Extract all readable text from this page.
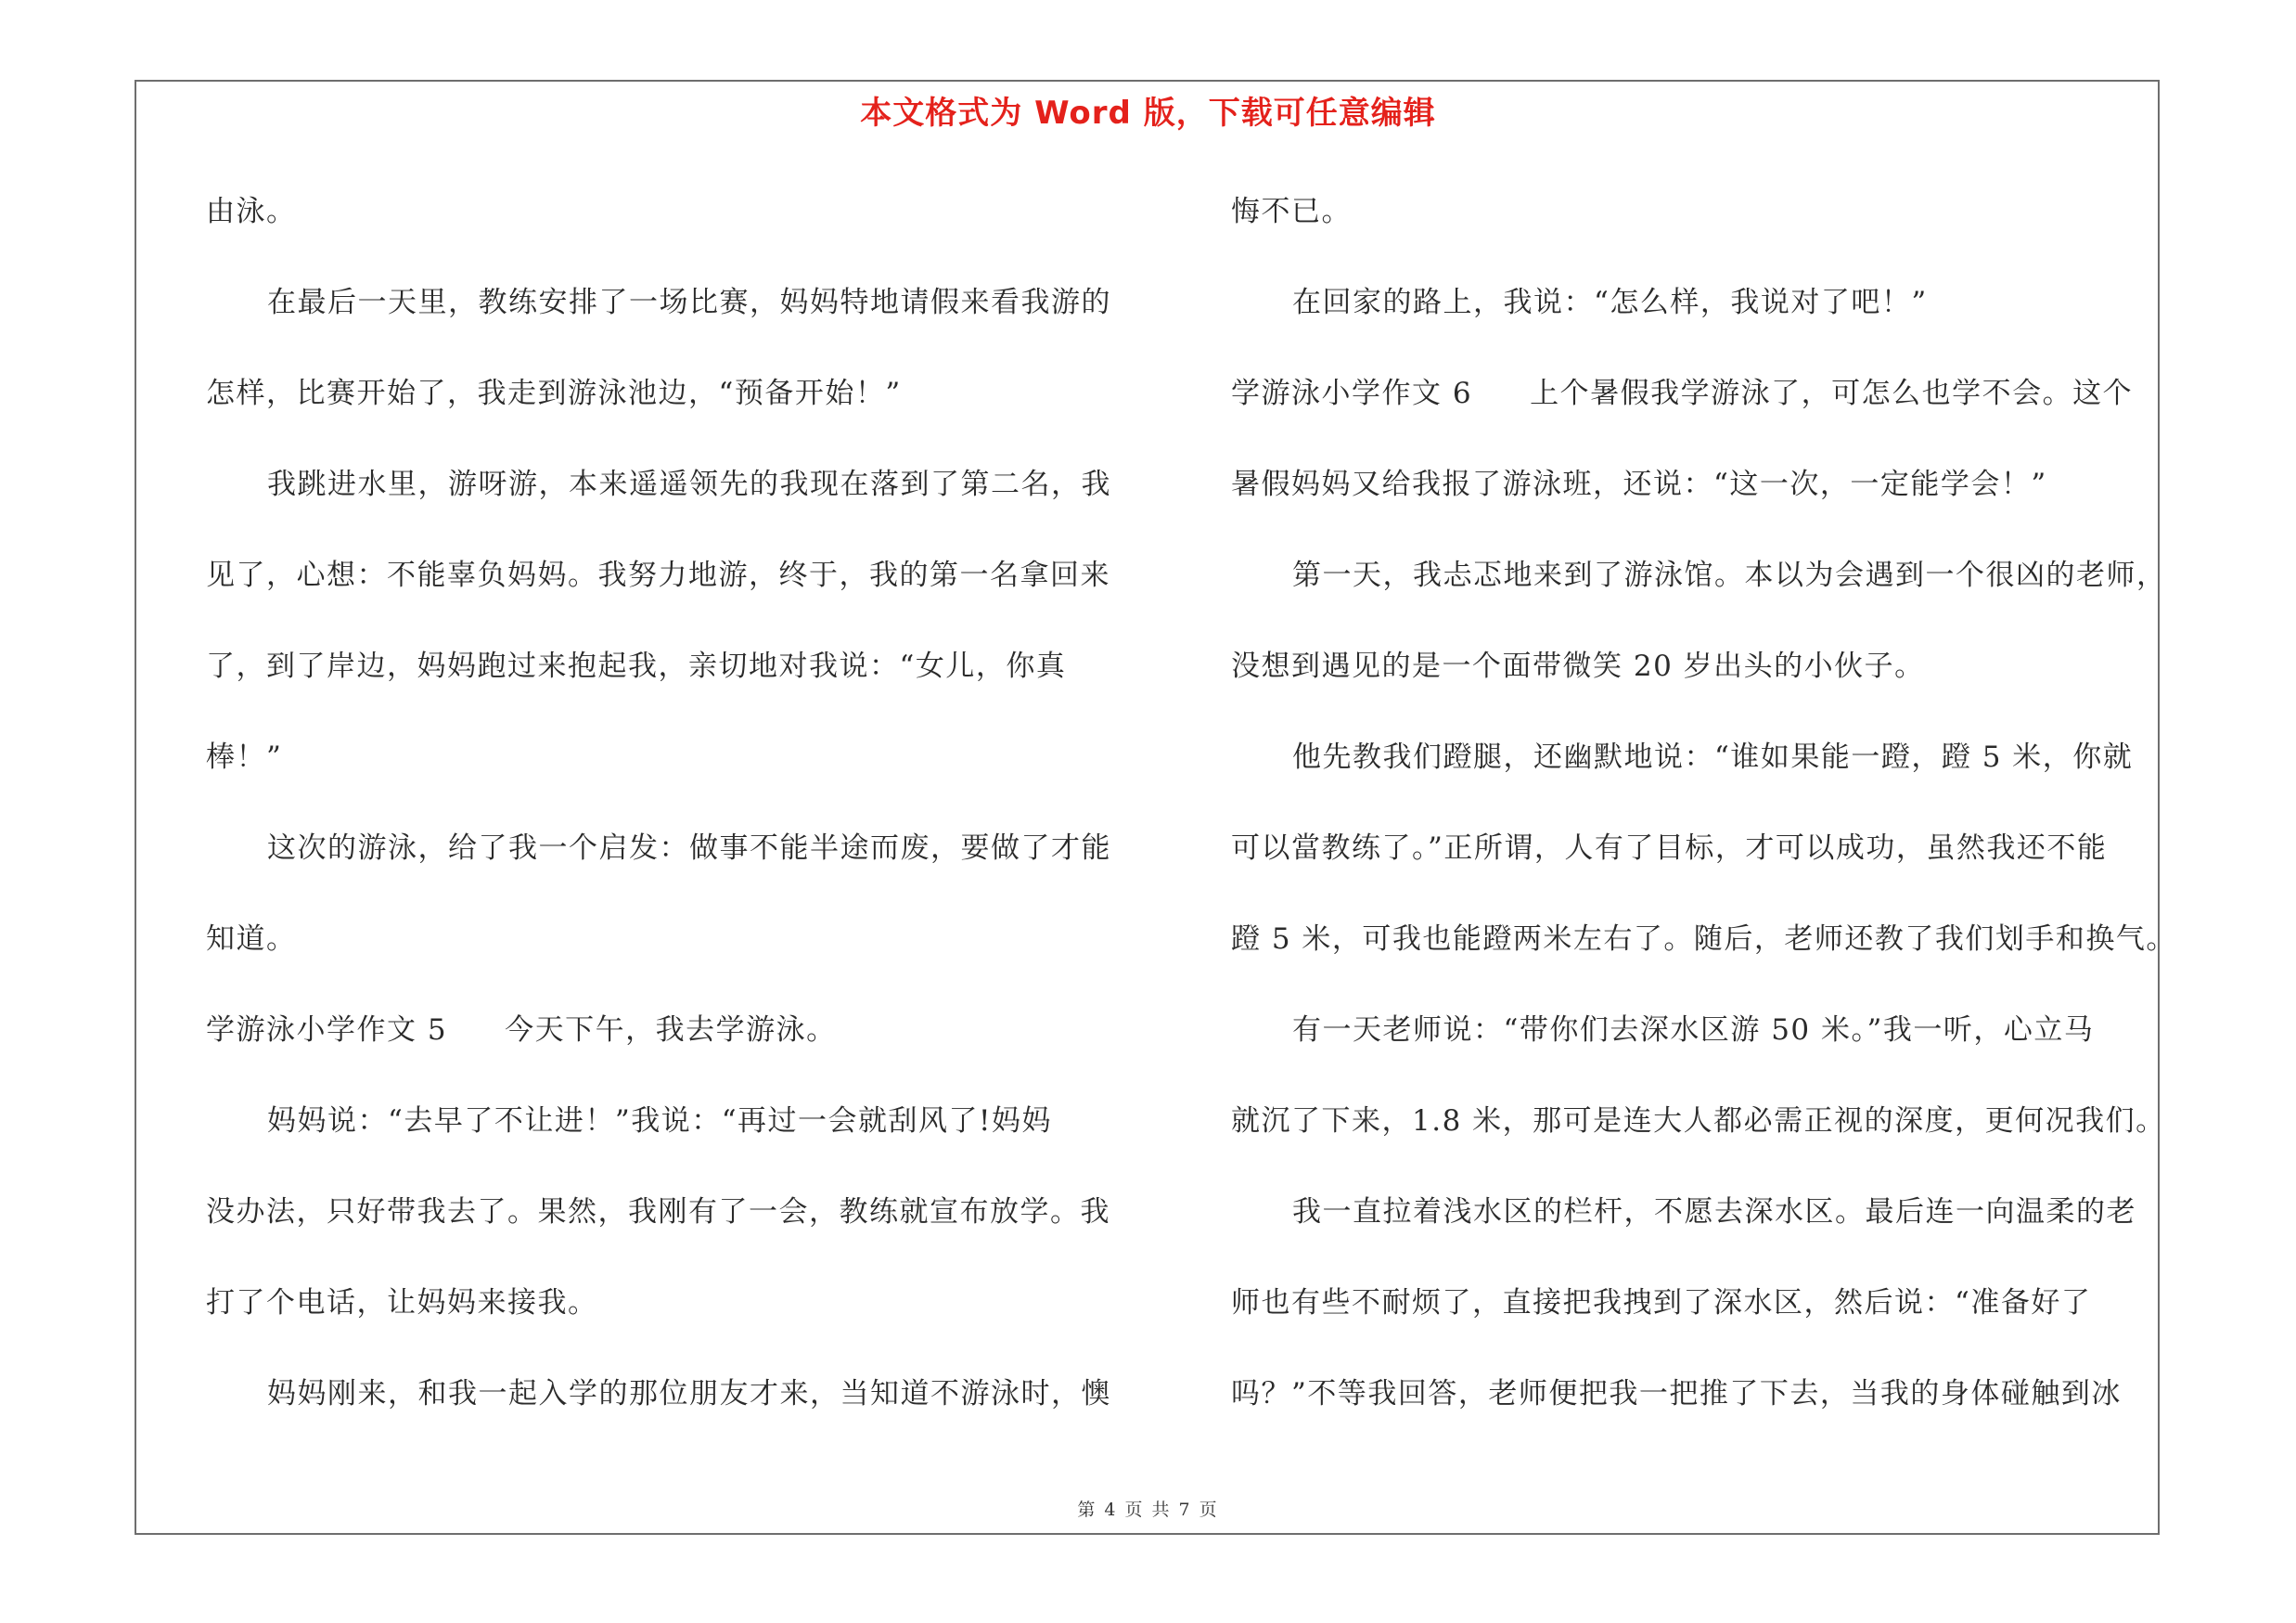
本文格式为 Word 版，下载可任意编辑
由泳。
在最后一天里，教练安排了一场比赛，妈妈特地请假来看我游的
怎样，比赛开始了，我走到游泳池边，“预备开始！”
我跳进水里，游呀游，本来遥遥领先的我现在落到了第二名，我
见了，心想：不能辜负妈妈。我努力地游，终于，我的第一名拿回来
了，到了岸边，妈妈跑过来抱起我，亲切地对我说：“女儿，你真
棒！”
这次的游泳，给了我一个启发：做事不能半途而废，要做了才能
知道。
学游泳小学作文 5 今天下午，我去学游泳。
妈妈说：“去早了不让进！”我说：“再过一会就刮风了!妈妈
没办法，只好带我去了。果然，我刚有了一会，教练就宣布放学。我
打了个电话，让妈妈来接我。
妈妈刚来，和我一起入学的那位朋友才来，当知道不游泳时，懊
悔不已。
在回家的路上，我说：“怎么样，我说对了吧！”
学游泳小学作文 6 上个暑假我学游泳了，可怎么也学不会。这个
暑假妈妈又给我报了游泳班，还说：“这一次，一定能学会！”
第一天，我忐忑地来到了游泳馆。本以为会遇到一个很凶的老师，
没想到遇见的是一个面带微笑 20 岁出头的小伙子。
他先教我们蹬腿，还幽默地说：“谁如果能一蹬，蹬 5 米，你就
可以當教练了。”正所谓，人有了目标，才可以成功，虽然我还不能
蹬 5 米，可我也能蹬两米左右了。随后，老师还教了我们划手和换气。
有一天老师说：“带你们去深水区游 50 米。”我一听，心立马
就沉了下来，1.8 米，那可是连大人都必需正视的深度，更何况我们。
我一直拉着浅水区的栏杆，不愿去深水区。最后连一向温柔的老
师也有些不耐烦了，直接把我拽到了深水区，然后说：“准备好了
吗？”不等我回答，老师便把我一把推了下去，当我的身体碰触到冰
第 4 页 共 7 页
